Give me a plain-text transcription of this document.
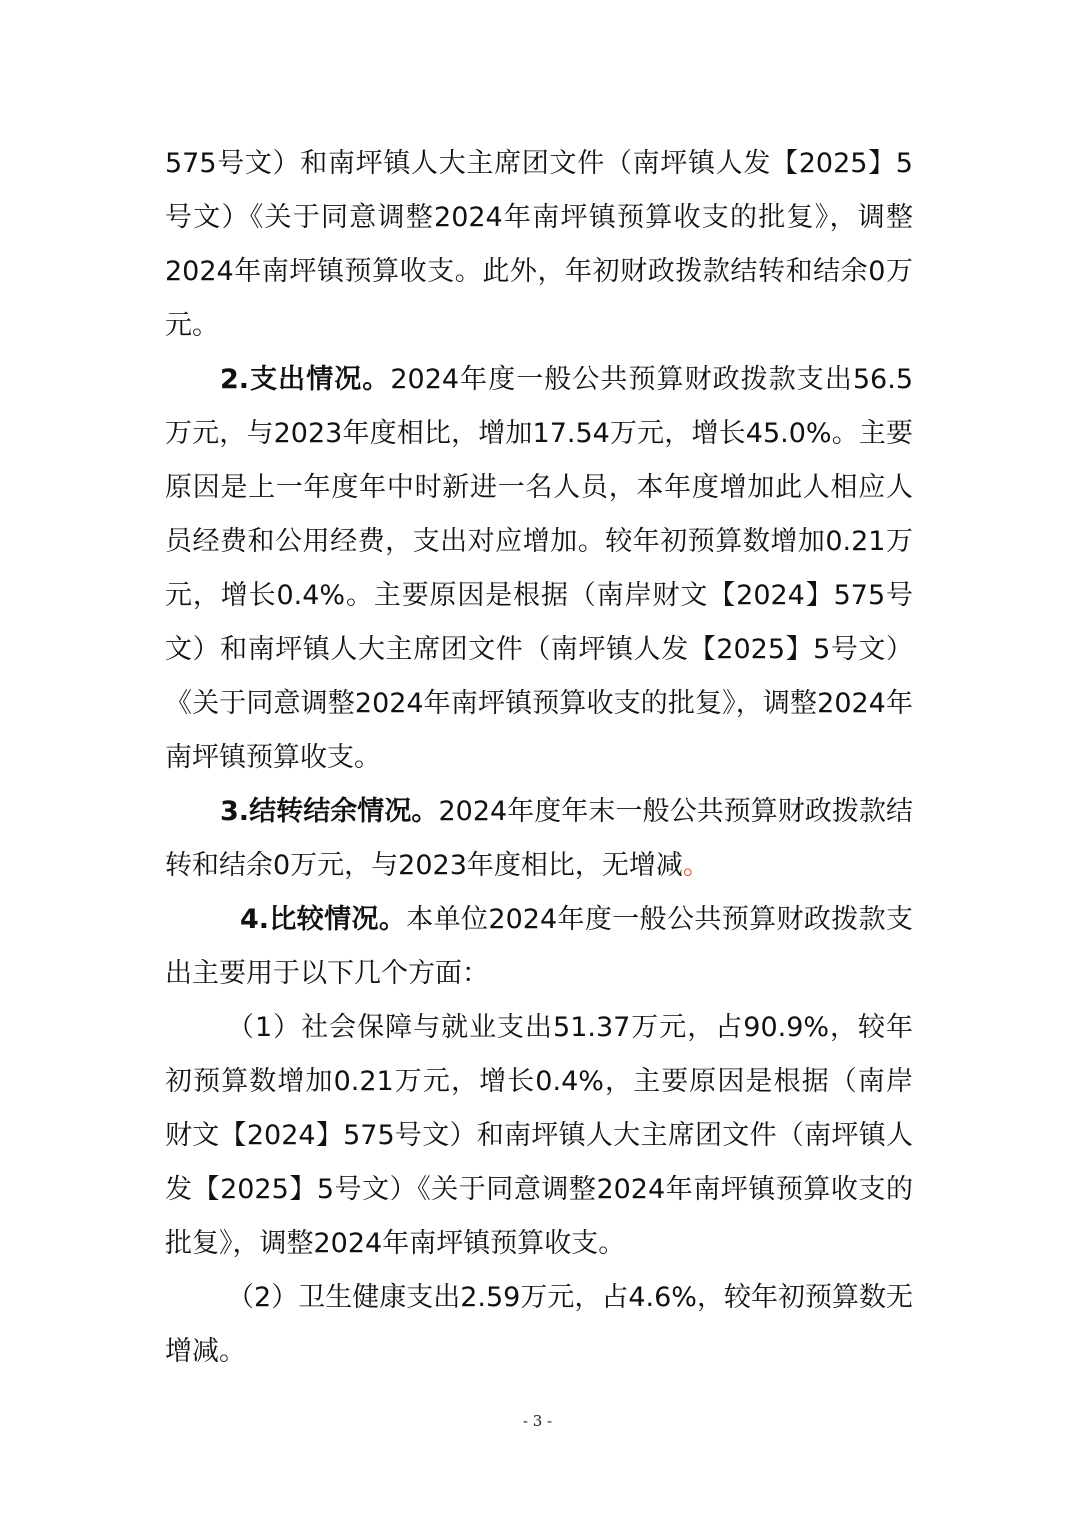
575号文）和南坪镇人大主席团文件（南坪镇人发【2025】5号文）《关于同意调整2024年南坪镇预算收支的批复》，调整2024年南坪镇预算收支。此外，年初财政拨款结转和结余0万元。

2.支出情况。2024年度一般公共预算财政拨款支出56.5万元，与2023年度相比，增加17.54万元，增长45.0%。主要原因是上一年度年中时新进一名人员，本年度增加此人相应人员经费和公用经费，支出对应增加。较年初预算数增加0.21万元，增长0.4%。主要原因是根据（南岸财文【2024】575号文）和南坪镇人大主席团文件（南坪镇人发【2025】5号文）《关于同意调整2024年南坪镇预算收支的批复》，调整2024年南坪镇预算收支。

3.结转结余情况。2024年度年末一般公共预算财政拨款结转和结余0万元，与2023年度相比，无增减。

4.比较情况。本单位2024年度一般公共预算财政拨款支出主要用于以下几个方面：

（1）社会保障与就业支出51.37万元，占90.9%，较年初预算数增加0.21万元，增长0.4%，主要原因是根据（南岸财文【2024】575号文）和南坪镇人大主席团文件（南坪镇人发【2025】5号文）《关于同意调整2024年南坪镇预算收支的批复》，调整2024年南坪镇预算收支。

（2）卫生健康支出2.59万元，占4.6%，较年初预算数无增减。

- 3 -
